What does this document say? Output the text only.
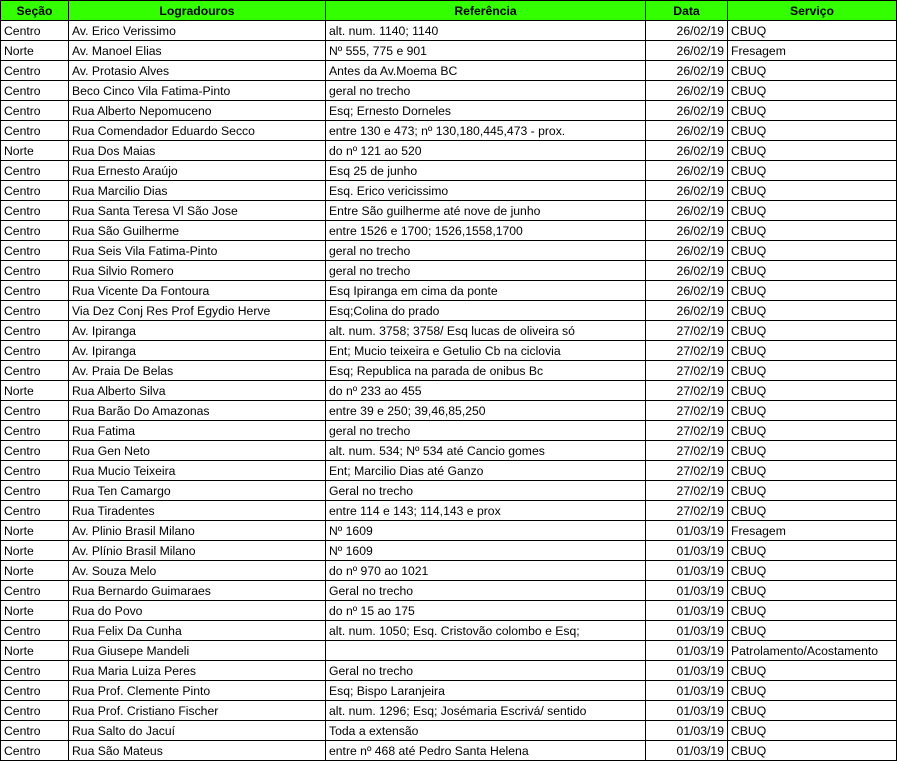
Seção	Logradouros	Referência	Data	Serviço
Centro	Av. Erico Verissimo	alt. num. 1140; 1140	26/02/19	CBUQ
Norte	Av. Manoel Elias	Nº 555, 775 e 901	26/02/19	Fresagem
Centro	Av. Protasio Alves	Antes da Av.Moema BC	26/02/19	CBUQ
Centro	Beco Cinco Vila Fatima-Pinto	geral no trecho	26/02/19	CBUQ
Centro	Rua Alberto Nepomuceno	Esq; Ernesto Dorneles	26/02/19	CBUQ
Centro	Rua Comendador Eduardo Secco	entre 130 e 473; nº 130,180,445,473 - prox.	26/02/19	CBUQ
Norte	Rua Dos Maias	do nº 121 ao 520	26/02/19	CBUQ
Centro	Rua Ernesto Araújo	Esq 25 de junho	26/02/19	CBUQ
Centro	Rua Marcilio Dias	Esq. Erico vericissimo	26/02/19	CBUQ
Centro	Rua Santa Teresa Vl São Jose	Entre São guilherme até nove de junho	26/02/19	CBUQ
Centro	Rua São Guilherme	entre 1526 e 1700; 1526,1558,1700	26/02/19	CBUQ
Centro	Rua Seis Vila Fatima-Pinto	geral no trecho	26/02/19	CBUQ
Centro	Rua Silvio Romero	geral no trecho	26/02/19	CBUQ
Centro	Rua Vicente Da Fontoura	Esq Ipiranga em cima da ponte	26/02/19	CBUQ
Centro	Via Dez Conj Res Prof Egydio Herve	Esq;Colina do prado	26/02/19	CBUQ
Centro	Av. Ipiranga	alt. num. 3758; 3758/ Esq lucas de oliveira só	27/02/19	CBUQ
Centro	Av. Ipiranga	Ent; Mucio teixeira e Getulio Cb na ciclovia	27/02/19	CBUQ
Centro	Av. Praia De Belas	Esq; Republica na parada de onibus Bc	27/02/19	CBUQ
Norte	Rua Alberto Silva	do nº 233 ao 455	27/02/19	CBUQ
Centro	Rua Barão Do Amazonas	entre 39 e 250; 39,46,85,250	27/02/19	CBUQ
Centro	Rua Fatima	geral no trecho	27/02/19	CBUQ
Centro	Rua Gen Neto	alt. num. 534; Nº 534 até Cancio gomes	27/02/19	CBUQ
Centro	Rua Mucio Teixeira	Ent; Marcilio Dias até Ganzo	27/02/19	CBUQ
Centro	Rua Ten Camargo	Geral no trecho	27/02/19	CBUQ
Centro	Rua Tiradentes	entre 114 e 143; 114,143 e prox	27/02/19	CBUQ
Norte	Av. Plinio Brasil Milano	Nº 1609	01/03/19	Fresagem
Norte	Av. Plínio Brasil Milano	Nº 1609	01/03/19	CBUQ
Norte	Av. Souza Melo	do nº 970 ao 1021	01/03/19	CBUQ
Centro	Rua Bernardo Guimaraes	Geral no trecho	01/03/19	CBUQ
Norte	Rua do Povo	do nº 15 ao 175	01/03/19	CBUQ
Centro	Rua Felix Da Cunha	alt. num. 1050; Esq. Cristovão colombo e Esq;	01/03/19	CBUQ
Norte	Rua Giusepe Mandeli		01/03/19	Patrolamento/Acostamento
Centro	Rua Maria Luiza Peres	Geral no trecho	01/03/19	CBUQ
Centro	Rua Prof. Clemente Pinto	Esq; Bispo Laranjeira	01/03/19	CBUQ
Centro	Rua Prof. Cristiano Fischer	alt. num. 1296; Esq; Josémaria Escrivá/ sentido	01/03/19	CBUQ
Centro	Rua Salto do Jacuí	Toda a extensão	01/03/19	CBUQ
Centro	Rua São Mateus	entre nº 468 até Pedro Santa Helena	01/03/19	CBUQ
